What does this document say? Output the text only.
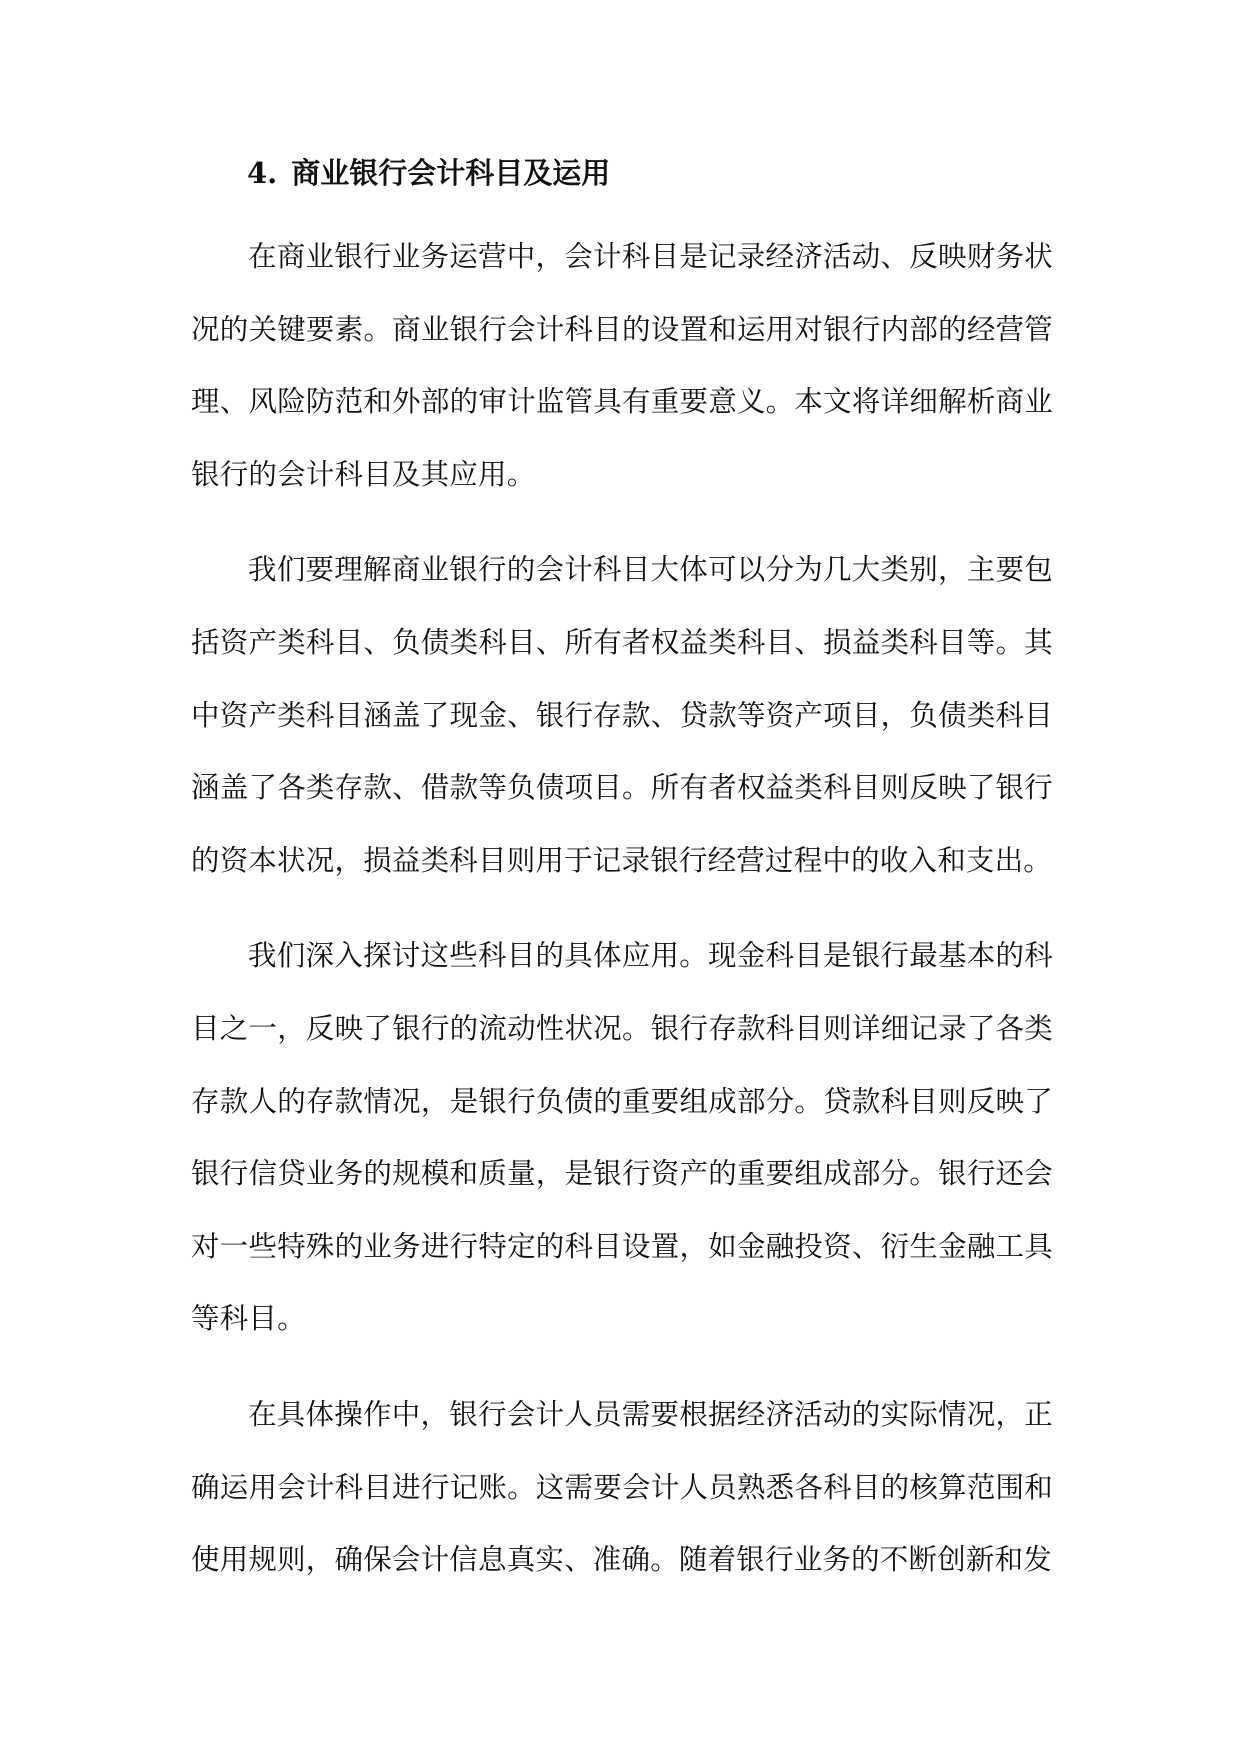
4. 商业银行会计科目及运用

在商业银行业务运营中，会计科目是记录经济活动、反映财务状况的关键要素。商业银行会计科目的设置和运用对银行内部的经营管理、风险防范和外部的审计监管具有重要意义。本文将详细解析商业银行的会计科目及其应用。

我们要理解商业银行的会计科目大体可以分为几大类别，主要包括资产类科目、负债类科目、所有者权益类科目、损益类科目等。其中资产类科目涵盖了现金、银行存款、贷款等资产项目，负债类科目涵盖了各类存款、借款等负债项目。所有者权益类科目则反映了银行的资本状况，损益类科目则用于记录银行经营过程中的收入和支出。

我们深入探讨这些科目的具体应用。现金科目是银行最基本的科目之一，反映了银行的流动性状况。银行存款科目则详细记录了各类存款人的存款情况，是银行负债的重要组成部分。贷款科目则反映了银行信贷业务的规模和质量，是银行资产的重要组成部分。银行还会对一些特殊的业务进行特定的科目设置，如金融投资、衍生金融工具等科目。

在具体操作中，银行会计人员需要根据经济活动的实际情况，正确运用会计科目进行记账。这需要会计人员熟悉各科目的核算范围和使用规则，确保会计信息真实、准确。随着银行业务的不断创新和发
